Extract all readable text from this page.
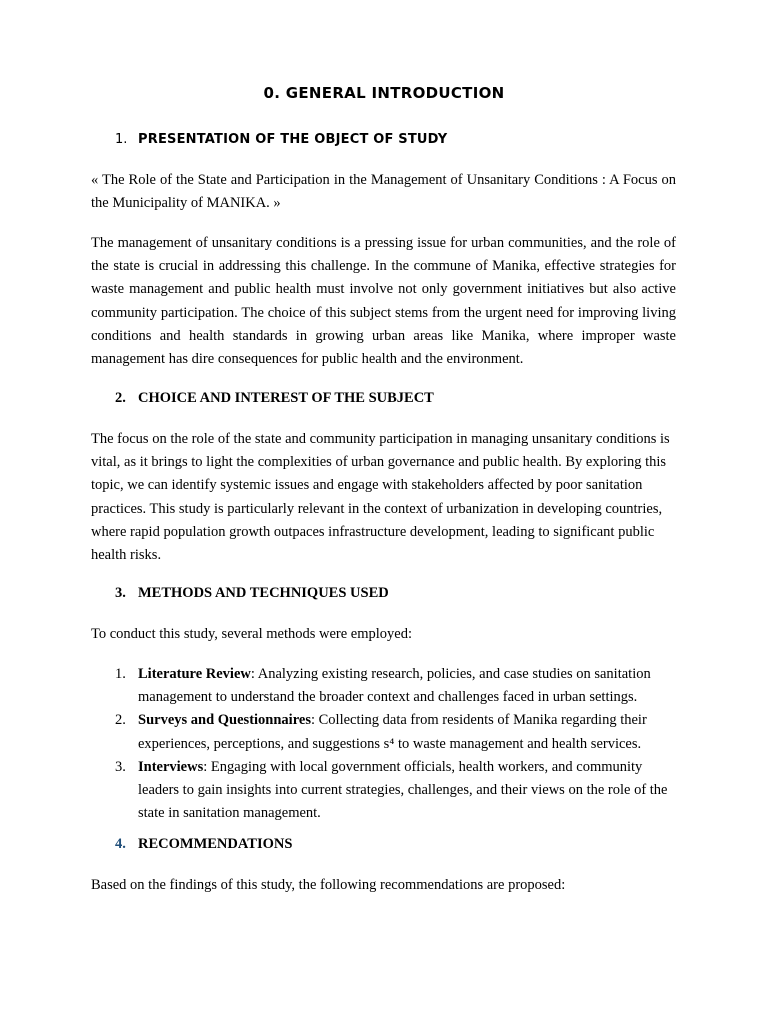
0. GENERAL INTRODUCTION
1. PRESENTATION OF THE OBJECT OF STUDY
« The Role of the State and Participation in the Management of Unsanitary Conditions : A Focus on the Municipality of MANIKA. »
The management of unsanitary conditions is a pressing issue for urban communities, and the role of the state is crucial in addressing this challenge. In the commune of Manika, effective strategies for waste management and public health must involve not only government initiatives but also active community participation. The choice of this subject stems from the urgent need for improving living conditions and health standards in growing urban areas like Manika, where improper waste management has dire consequences for public health and the environment.
2. CHOICE AND INTEREST OF THE SUBJECT
The focus on the role of the state and community participation in managing unsanitary conditions is vital, as it brings to light the complexities of urban governance and public health. By exploring this topic, we can identify systemic issues and engage with stakeholders affected by poor sanitation practices. This study is particularly relevant in the context of urbanization in developing countries, where rapid population growth outpaces infrastructure development, leading to significant public health risks.
3. METHODS AND TECHNIQUES USED
To conduct this study, several methods were employed:
1. Literature Review: Analyzing existing research, policies, and case studies on sanitation management to understand the broader context and challenges faced in urban settings.
2. Surveys and Questionnaires: Collecting data from residents of Manika regarding their experiences, perceptions, and suggestions s⁴ to waste management and health services.
3. Interviews: Engaging with local government officials, health workers, and community leaders to gain insights into current strategies, challenges, and their views on the role of the state in sanitation management.
4. RECOMMENDATIONS
Based on the findings of this study, the following recommendations are proposed:
